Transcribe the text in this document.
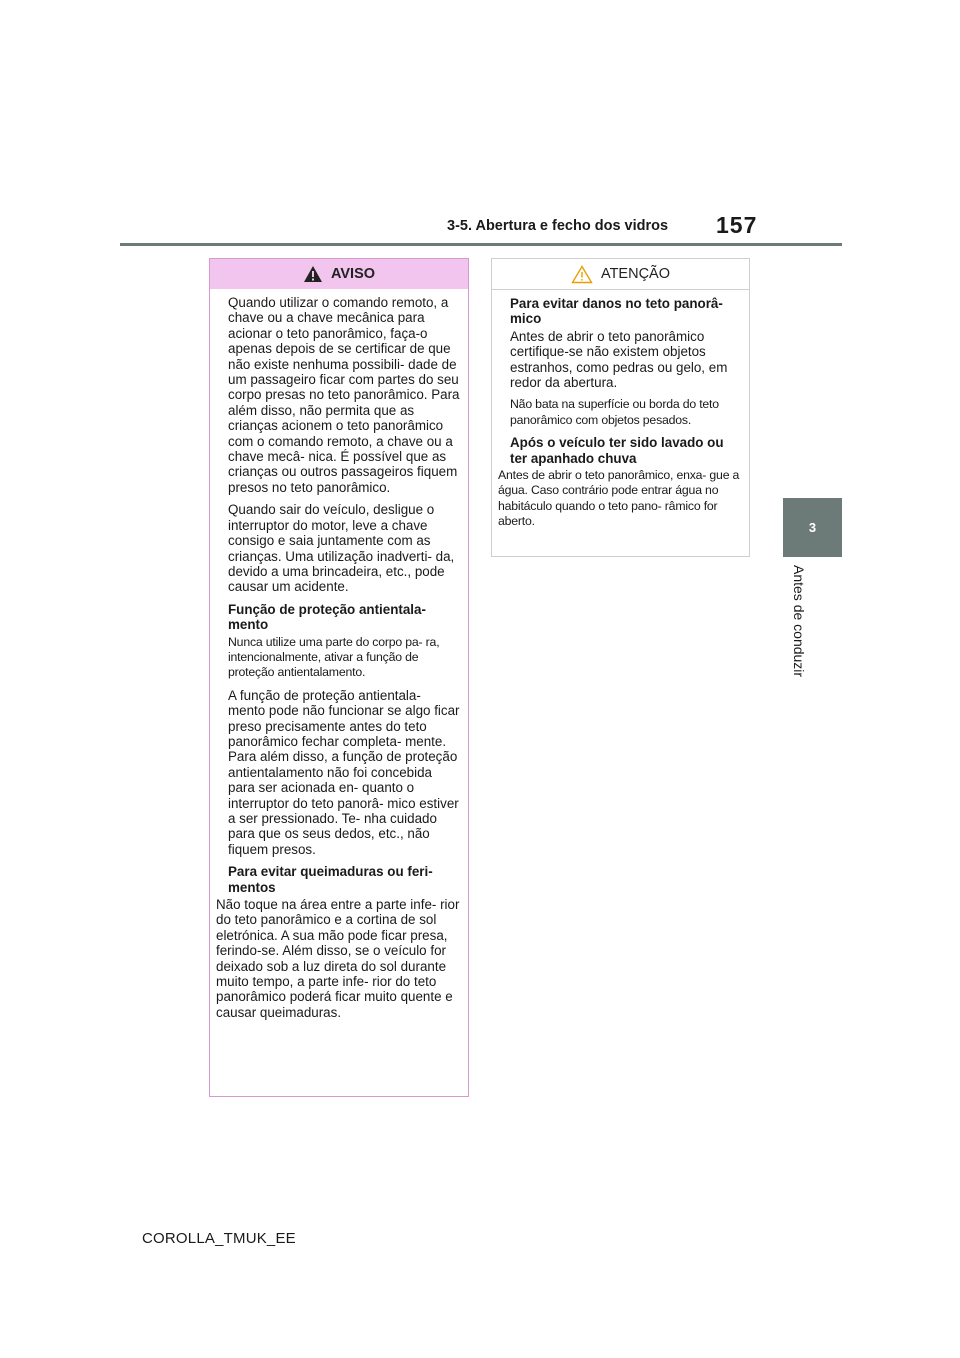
3-5. Abertura e fecho dos vidros 157
3
Antes de conduzir
AVISO

Quando utilizar o comando remoto, a chave ou a chave mecânica para acionar o teto panorâmico, faça-o apenas depois de se certificar de que não existe nenhuma possibili- dade de um passageiro ficar com partes do seu corpo presas no teto panorâmico. Para além disso, não permita que as crianças acionem o teto panorâmico com o comando remoto, a chave ou a chave mecâ- nica. É possível que as crianças ou outros passageiros fiquem presos no teto panorâmico.

Quando sair do veículo, desligue o interruptor do motor, leve a chave consigo e saia juntamente com as crianças. Uma utilização inadverti- da, devido a uma brincadeira, etc., pode causar um acidente.

Função de proteção antientala- mento

Nunca utilize uma parte do corpo pa- ra, intencionalmente, ativar a função de proteção antientalamento.

A função de proteção antientala- mento pode não funcionar se algo ficar preso precisamente antes do teto panorâmico fechar completa- mente. Para além disso, a função de proteção antientalamento não foi concebida para ser acionada en- quanto o interruptor do teto panorâ- mico estiver a ser pressionado. Te- nha cuidado para que os seus dedos, etc., não fiquem presos.

Para evitar queimaduras ou feri- mentos

Não toque na área entre a parte infe- rior do teto panorâmico e a cortina de sol eletrónica. A sua mão pode ficar presa, ferindo-se. Além disso, se o veículo for deixado sob a luz direta do sol durante muito tempo, a parte infe- rior do teto panorâmico poderá ficar muito quente e causar queimaduras.

ATENÇÃO

Para evitar danos no teto panorâ- mico

Antes de abrir o teto panorâmico certifique-se não existem objetos estranhos, como pedras ou gelo, em redor da abertura.

Não bata na superfície ou borda do teto panorâmico com objetos pesados.

Após o veículo ter sido lavado ou ter apanhado chuva

Antes de abrir o teto panorâmico, enxa- gue a água. Caso contrário pode entrar água no habitáculo quando o teto pano- râmico for aberto.

COROLLA_TMUK_EE
